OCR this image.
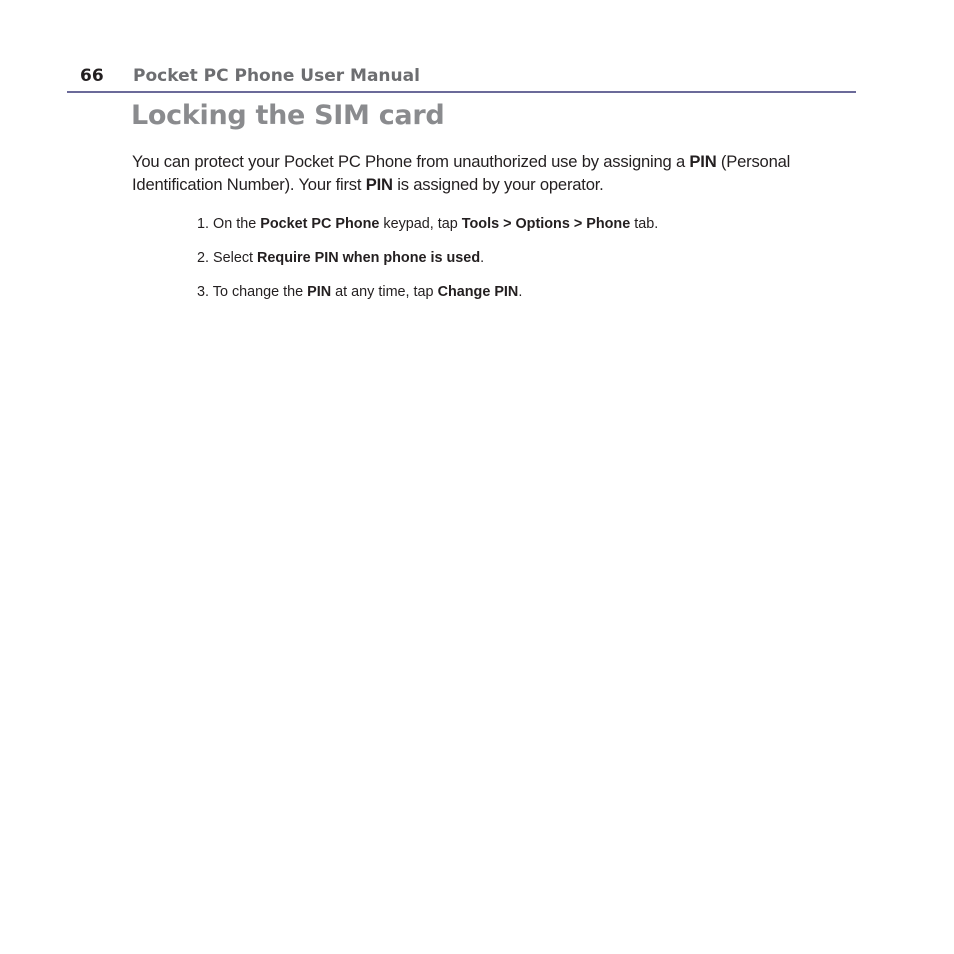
66 Pocket PC Phone User Manual
Locking the SIM card

You can protect your Pocket PC Phone from unauthorized use by assigning a PIN (Personal Identification Number). Your first PIN is assigned by your operator.

1. On the Pocket PC Phone keypad, tap Tools > Options > Phone tab.
2. Select Require PIN when phone is used.
3. To change the PIN at any time, tap Change PIN.
